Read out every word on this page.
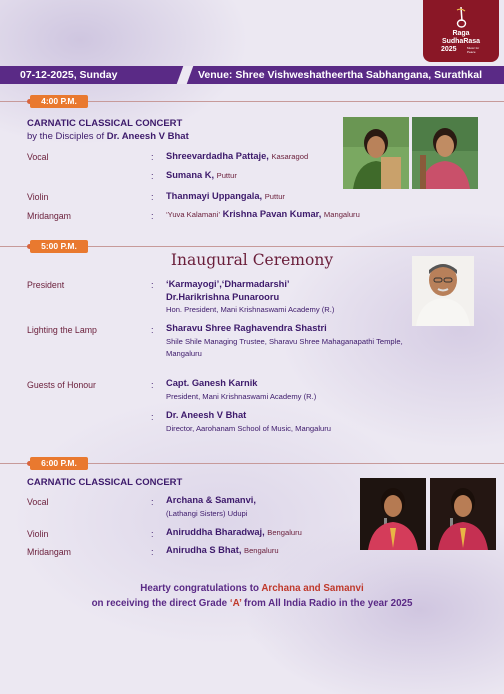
Raga
SudhaRasa
2025	Music for Peace
07-12-2025, Sunday	Venue: Shree Vishweshatheertha Sabhangana, Surathkal
4:00 P.M.
CARNATIC CLASSICAL CONCERT
by the Disciples of Dr. Aneesh V Bhat
Vocal	: Shreevardadha Pattaje, Kasaragod
: Sumana K, Puttur
Violin	: Thanmayi Uppangala, Puttur
Mridangam	: ‘Yuva Kalamani’ Krishna Pavan Kumar, Mangaluru
5:00 P.M.
Inaugural Ceremony
President	: ‘Karmayogi’,‘Dharmadarshi’
Dr.Harikrishna Punarooru
Hon. President, Mani Krishnaswami Academy (R.)
Lighting the Lamp	: Sharavu Shree Raghavendra Shastri
Shile Shile Managing Trustee, Sharavu Shree Mahaganapathi Temple,
Mangaluru
Guests of Honour	: Capt. Ganesh Karnik
President, Mani Krishnaswami Academy (R.)
: Dr. Aneesh V Bhat
Director, Aarohanam School of Music, Mangaluru
6:00 P.M.
CARNATIC CLASSICAL CONCERT
Vocal	: Archana & Samanvi,
(Lathangi Sisters) Udupi
Violin	: Aniruddha Bharadwaj, Bengaluru
Mridangam	: Anirudha S Bhat, Bengaluru
Hearty congratulations to Archana and Samanvi
on receiving the direct Grade ‘A’ from All India Radio in the year 2025
